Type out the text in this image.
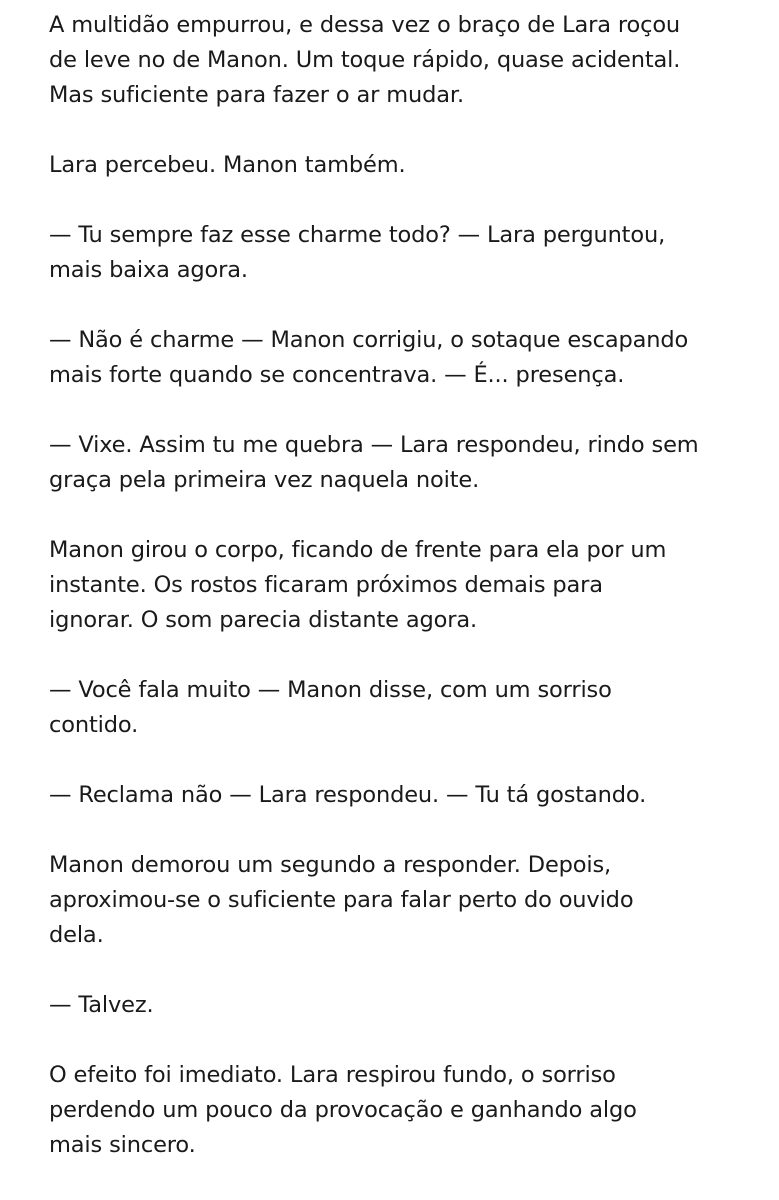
A multidão empurrou, e dessa vez o braço de Lara roçou
de leve no de Manon. Um toque rápido, quase acidental.
Mas suficiente para fazer o ar mudar.

Lara percebeu. Manon também.

— Tu sempre faz esse charme todo? — Lara perguntou,
mais baixa agora.

— Não é charme — Manon corrigiu, o sotaque escapando
mais forte quando se concentrava. — É... presença.

— Vixe. Assim tu me quebra — Lara respondeu, rindo sem
graça pela primeira vez naquela noite.

Manon girou o corpo, ficando de frente para ela por um
instante. Os rostos ficaram próximos demais para
ignorar. O som parecia distante agora.

— Você fala muito — Manon disse, com um sorriso
contido.

— Reclama não — Lara respondeu. — Tu tá gostando.

Manon demorou um segundo a responder. Depois,
aproximou-se o suficiente para falar perto do ouvido
dela.

— Talvez.

O efeito foi imediato. Lara respirou fundo, o sorriso
perdendo um pouco da provocação e ganhando algo
mais sincero.
